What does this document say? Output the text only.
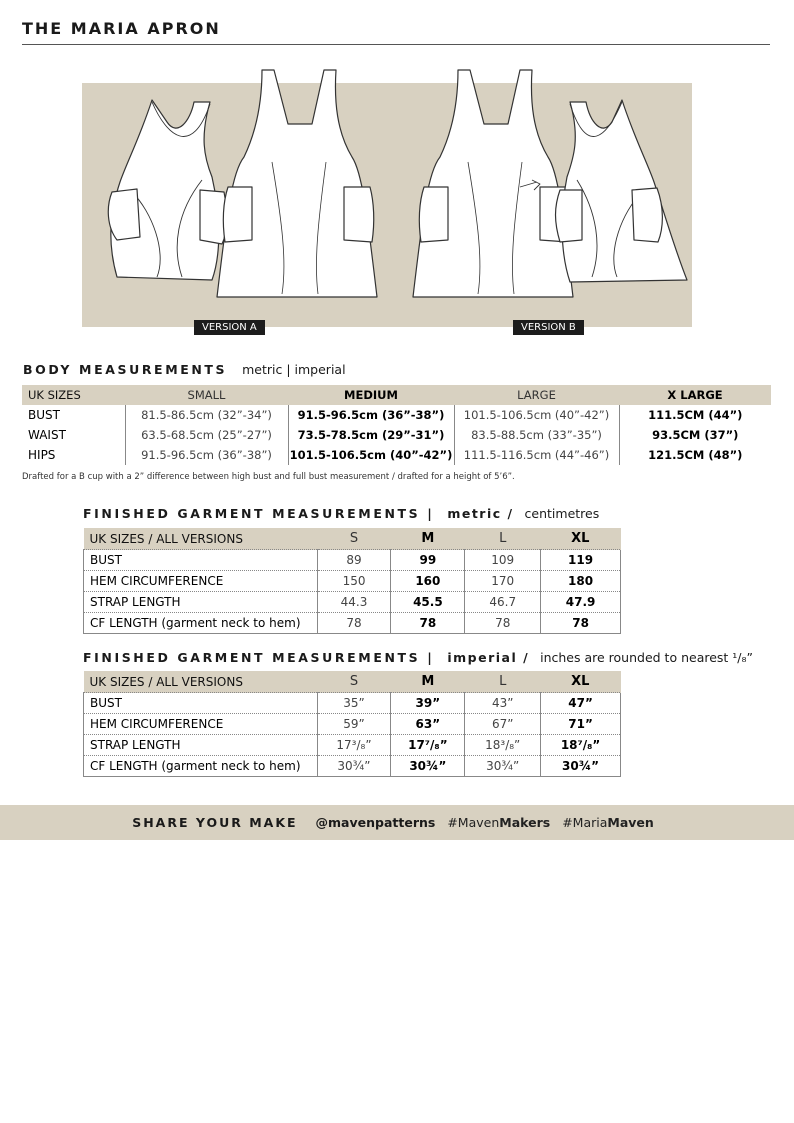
THE MARIA APRON
VERSION A	VERSION B
BODY MEASUREMENTS metric | imperial
UK SIZES	SMALL	MEDIUM	LARGE	X LARGE
BUST	81.5-86.5cm (32”-34”)	91.5-96.5cm (36”-38”)	101.5-106.5cm (40”-42”)	111.5CM (44”)
WAIST	63.5-68.5cm (25”-27”)	73.5-78.5cm (29”-31”)	83.5-88.5cm (33”-35”)	93.5CM (37”)
HIPS	91.5-96.5cm (36”-38”)	101.5-106.5cm (40”-42”)	111.5-116.5cm (44”-46”)	121.5CM (48”)
Drafted for a B cup with a 2” difference between high bust and full bust measurement / drafted for a height of 5’6”.
FINISHED GARMENT MEASUREMENTS | metric / centimetres
UK SIZES / ALL VERSIONS	S	M	L	XL
BUST	89	99	109	119
HEM CIRCUMFERENCE	150	160	170	180
STRAP LENGTH	44.3	45.5	46.7	47.9
CF LENGTH (garment neck to hem)	78	78	78	78
FINISHED GARMENT MEASUREMENTS | imperial / inches are rounded to nearest ¹/₈”
UK SIZES / ALL VERSIONS	S	M	L	XL
BUST	35”	39”	43”	47”
HEM CIRCUMFERENCE	59”	63”	67”	71”
STRAP LENGTH	17³/₈”	17⁷/₈”	18³/₈”	18⁷/₈”
CF LENGTH (garment neck to hem)	30¾”	30¾”	30¾”	30¾”
SHARE YOUR MAKE @mavenpatterns #MavenMakers #MariaMaven
